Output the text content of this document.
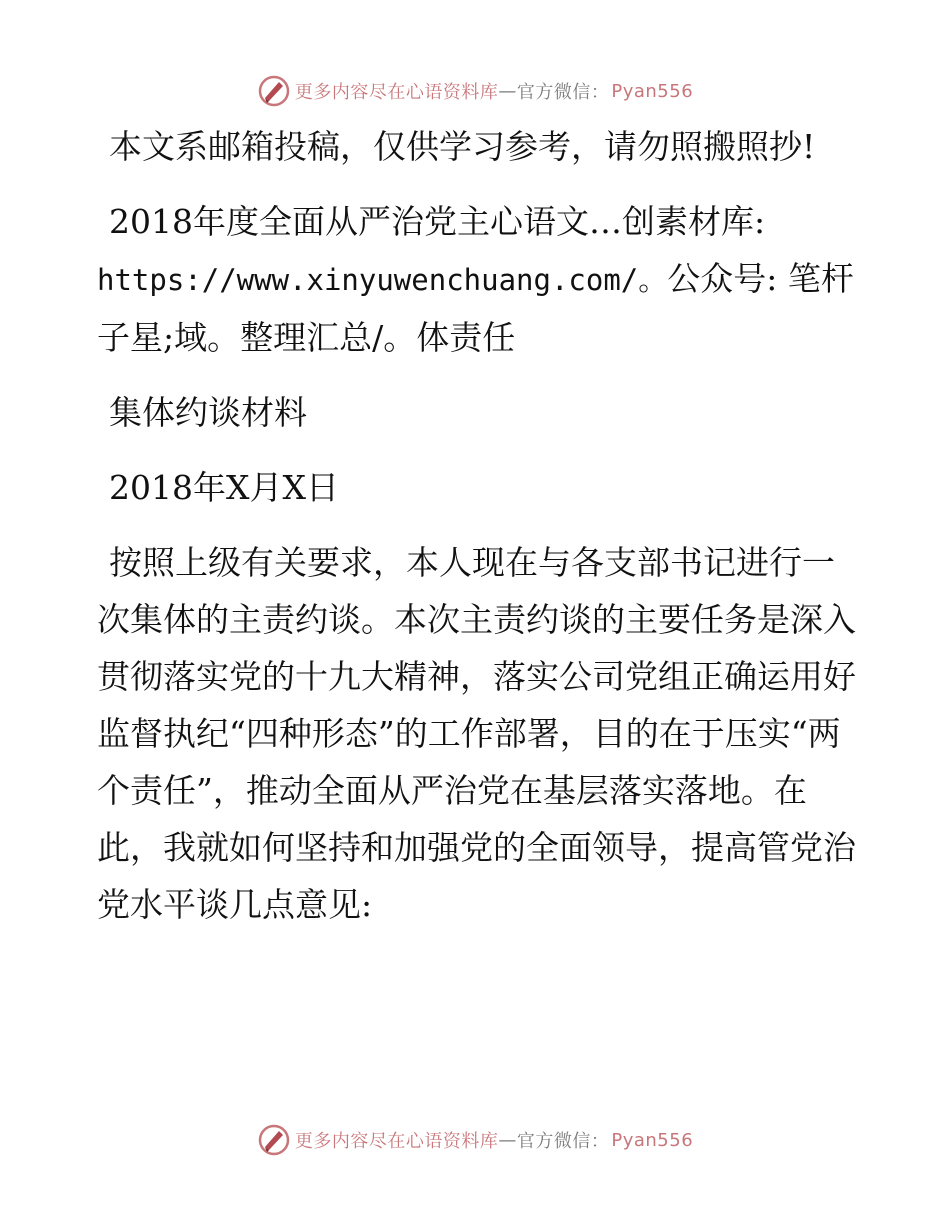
更多内容尽在心语资料库 — 官方微信： Pyan556

本文系邮箱投稿，仅供学习参考，请勿照搬照抄!

2018年度全面从严治党主心语文…创素材库:
https://www.xinyuwenchuang.com/。公众号: 笔杆子星;域。整理汇总/。体责任

集体约谈材料

2018年X月X日

按照上级有关要求，本人现在与各支部书记进行一次集体的主责约谈。本次主责约谈的主要任务是深入贯彻落实党的十九大精神，落实公司党组正确运用好监督执纪“四种形态”的工作部署，目的在于压实“两个责任”，推动全面从严治党在基层落实落地。在此，我就如何坚持和加强党的全面领导，提高管党治党水平谈几点意见:

更多内容尽在心语资料库 — 官方微信： Pyan556
